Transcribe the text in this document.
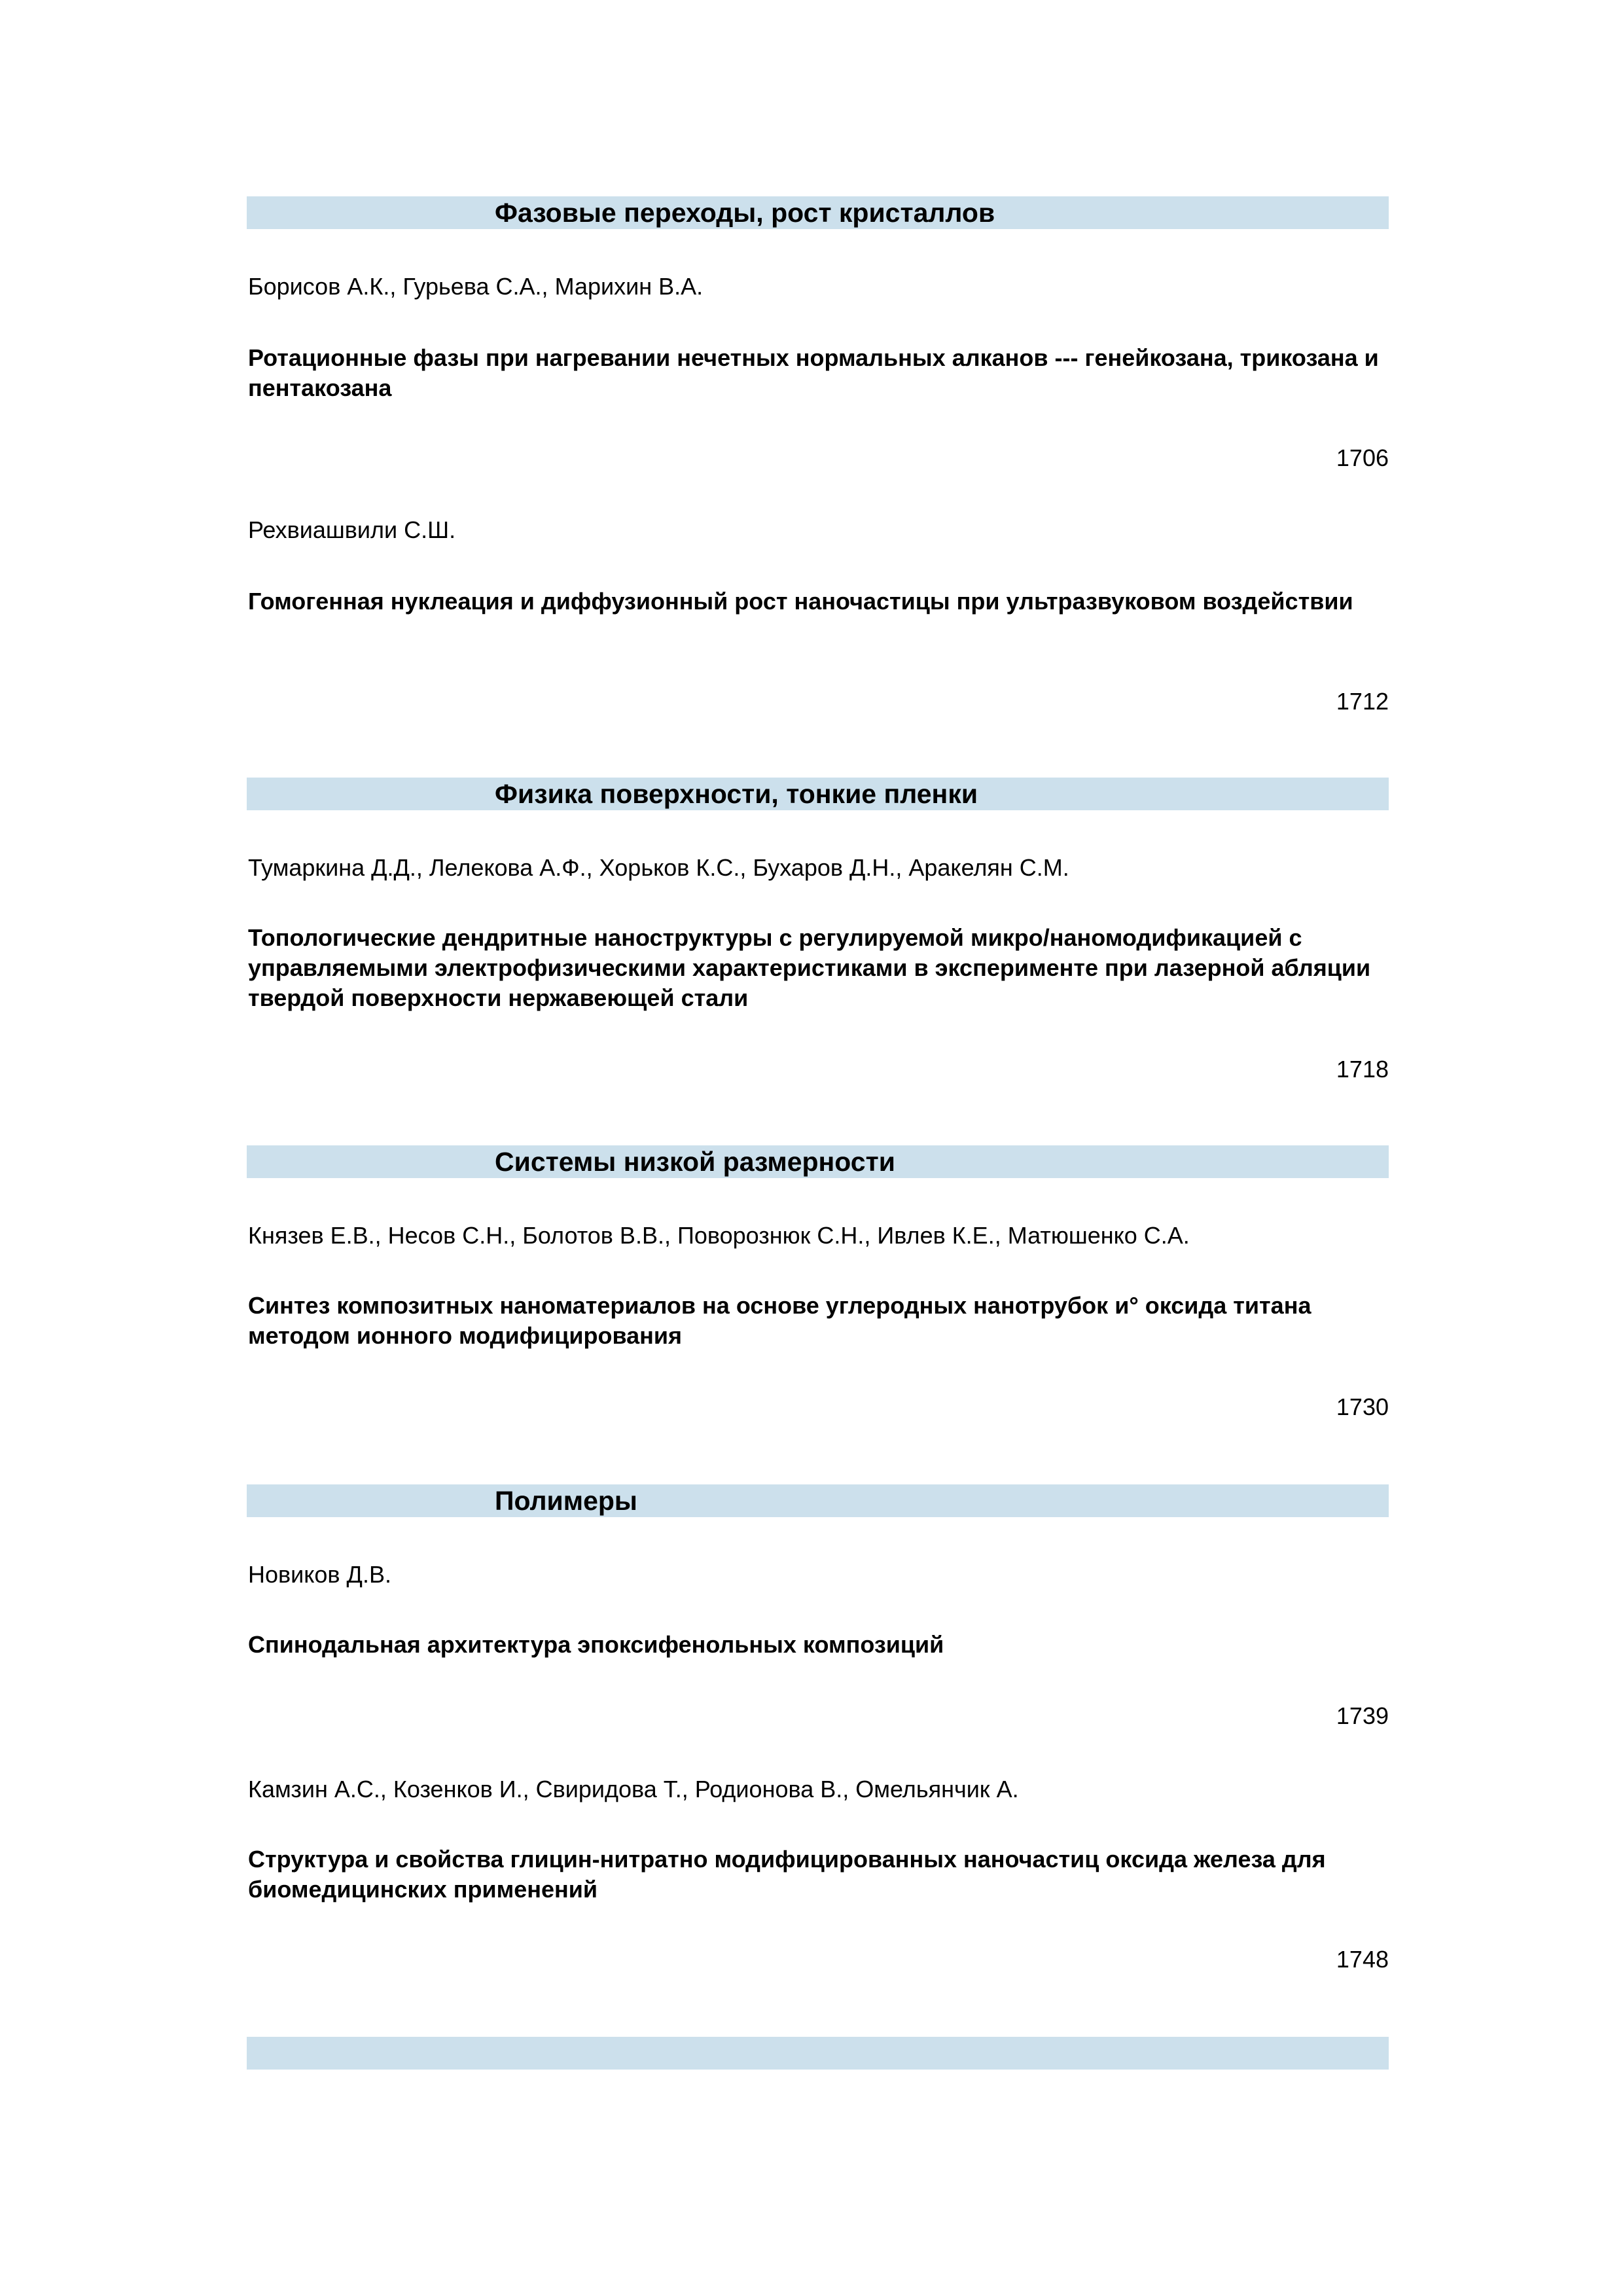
Фазовые переходы, рост кристаллов
Борисов А.К., Гурьева С.А., Марихин В.А.
Ротационные фазы при нагревании нечетных нормальных алканов --- генейкозана, трикозана и пентакозана
1706
Рехвиашвили С.Ш.
Гомогенная нуклеация и диффузионный рост наночастицы при ультразвуковом воздействии
1712
Физика поверхности, тонкие пленки
Тумаркина Д.Д., Лелекова А.Ф., Хорьков К.С., Бухаров Д.Н., Аракелян С.М.
Топологические дендритные наноструктуры с регулируемой микро/наномодификацией с управляемыми электрофизическими характеристиками в эксперименте при лазерной абляции твердой поверхности нержавеющей стали
1718
Системы низкой размерности
Князев Е.В., Несов С.Н., Болотов В.В., Поворознюк С.Н., Ивлев К.Е., Матюшенко С.А.
Синтез композитных наноматериалов на основе углеродных нанотрубок и° оксида титана методом ионного модифицирования
1730
Полимеры
Новиков Д.В.
Спинодальная архитектура эпоксифенольных композиций
1739
Камзин А.С., Козенков И., Свиридова Т., Родионова В., Омельянчик А.
Структура и свойства глицин-нитратно модифицированных наночастиц оксида железа для биомедицинских применений
1748
